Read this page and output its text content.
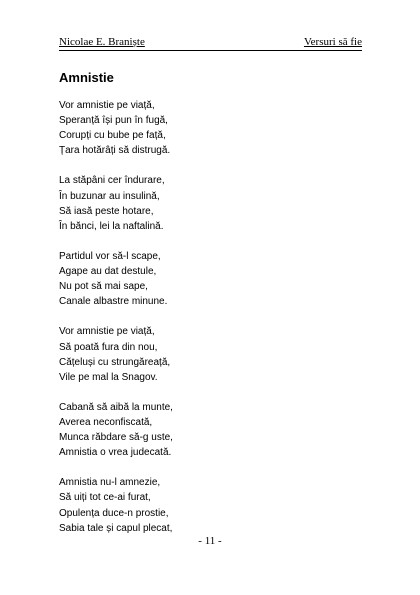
Nicolae E. Braniște	Versuri să fie
Amnistie
Vor amnistie pe viață,
Speranță își pun în fugă,
Corupți cu bube pe față,
Țara hotărâți să distrugă.
La stăpâni cer îndurare,
În buzunar au insulină,
Să iasă peste hotare,
În bănci, lei la naftalină.
Partidul vor să-l scape,
Agape au dat destule,
Nu pot să mai sape,
Canale albastre minune.
Vor amnistie pe viață,
Să poată fura din nou,
Cățeluși cu strungăreață,
Vile pe mal la Snagov.
Cabană să aibă la munte,
Averea neconfiscată,
Munca răbdare să-g uste,
Amnistia o vrea judecată.
Amnistia nu-l amnezie,
Să uiți tot ce-ai furat,
Opulența duce-n prostie,
Sabia tale și capul plecat,
- 11 -
